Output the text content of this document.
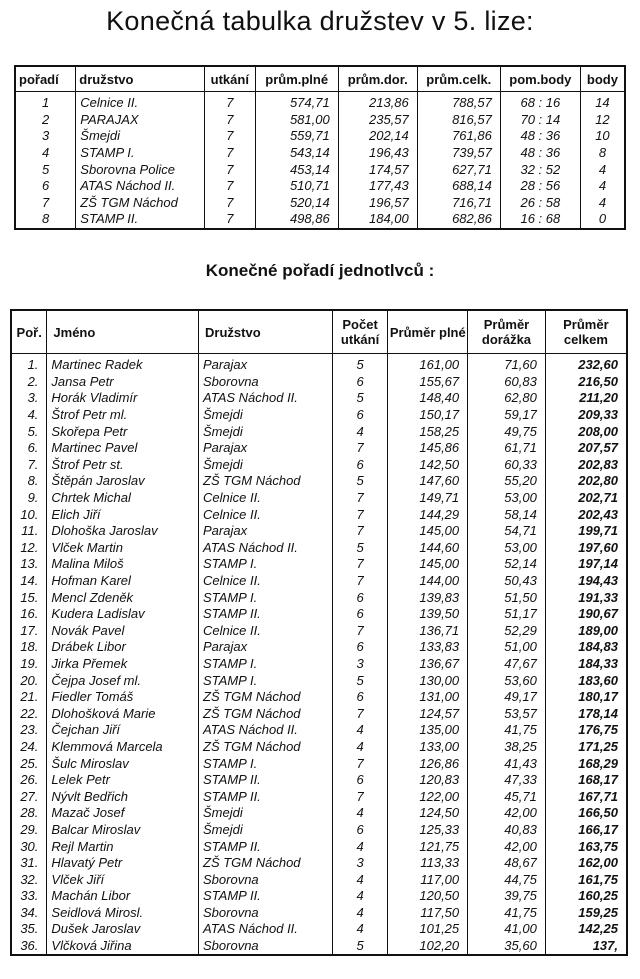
Konečná tabulka družstev v 5. lize:
pořadí	družstvo	utkání	prům.plné	prům.dor.	prům.celk.	pom.body	body
1	Celnice II.	7	574,71	213,86	788,57	68 : 16	14
2	PARAJAX	7	581,00	235,57	816,57	70 : 14	12
3	Šmejdi	7	559,71	202,14	761,86	48 : 36	10
4	STAMP I.	7	543,14	196,43	739,57	48 : 36	8
5	Sborovna Police	7	453,14	174,57	627,71	32 : 52	4
6	ATAS Náchod II.	7	510,71	177,43	688,14	28 : 56	4
7	ZŠ TGM Náchod	7	520,14	196,57	716,71	26 : 58	4
8	STAMP II.	7	498,86	184,00	682,86	16 : 68	0
Konečné pořadí jednotlvců :
Poř.	Jméno	Družstvo	Počet utkání	Průměr plné	Průměr dorážka	Průměr celkem
1.	Martinec Radek	Parajax	5	161,00	71,60	232,60
2.	Jansa Petr	Sborovna	6	155,67	60,83	216,50
3.	Horák Vladimír	ATAS Náchod II.	5	148,40	62,80	211,20
4.	Štrof Petr ml.	Šmejdi	6	150,17	59,17	209,33
5.	Skořepa Petr	Šmejdi	4	158,25	49,75	208,00
6.	Martinec Pavel	Parajax	7	145,86	61,71	207,57
7.	Štrof Petr st.	Šmejdi	6	142,50	60,33	202,83
8.	Štěpán Jaroslav	ZŠ TGM Náchod	5	147,60	55,20	202,80
9.	Chrtek Michal	Celnice II.	7	149,71	53,00	202,71
10.	Elich Jiří	Celnice II.	7	144,29	58,14	202,43
11.	Dlohoška Jaroslav	Parajax	7	145,00	54,71	199,71
12.	Vlček Martin	ATAS Náchod II.	5	144,60	53,00	197,60
13.	Malina Miloš	STAMP I.	7	145,00	52,14	197,14
14.	Hofman Karel	Celnice II.	7	144,00	50,43	194,43
15.	Mencl Zdeněk	STAMP I.	6	139,83	51,50	191,33
16.	Kudera Ladislav	STAMP II.	6	139,50	51,17	190,67
17.	Novák Pavel	Celnice II.	7	136,71	52,29	189,00
18.	Drábek Libor	Parajax	6	133,83	51,00	184,83
19.	Jirka Přemek	STAMP I.	3	136,67	47,67	184,33
20.	Čejpa Josef ml.	STAMP I.	5	130,00	53,60	183,60
21.	Fiedler Tomáš	ZŠ TGM Náchod	6	131,00	49,17	180,17
22.	Dlohošková Marie	ZŠ TGM Náchod	7	124,57	53,57	178,14
23.	Čejchan Jiří	ATAS Náchod II.	4	135,00	41,75	176,75
24.	Klemmová Marcela	ZŠ TGM Náchod	4	133,00	38,25	171,25
25.	Šulc Miroslav	STAMP I.	7	126,86	41,43	168,29
26.	Lelek Petr	STAMP II.	6	120,83	47,33	168,17
27.	Nývlt Bedřich	STAMP II.	7	122,00	45,71	167,71
28.	Mazač Josef	Šmejdi	4	124,50	42,00	166,50
29.	Balcar Miroslav	Šmejdi	6	125,33	40,83	166,17
30.	Rejl Martin	STAMP II.	4	121,75	42,00	163,75
31.	Hlavatý Petr	ZŠ TGM Náchod	3	113,33	48,67	162,00
32.	Vlček Jiří	Sborovna	4	117,00	44,75	161,75
33.	Machán Libor	STAMP II.	4	120,50	39,75	160,25
34.	Seidlová Mirosl.	Sborovna	4	117,50	41,75	159,25
35.	Dušek Jaroslav	ATAS Náchod II.	4	101,25	41,00	142,25
36.	Vlčková Jiřina	Sborovna	5	102,20	35,60	137,
